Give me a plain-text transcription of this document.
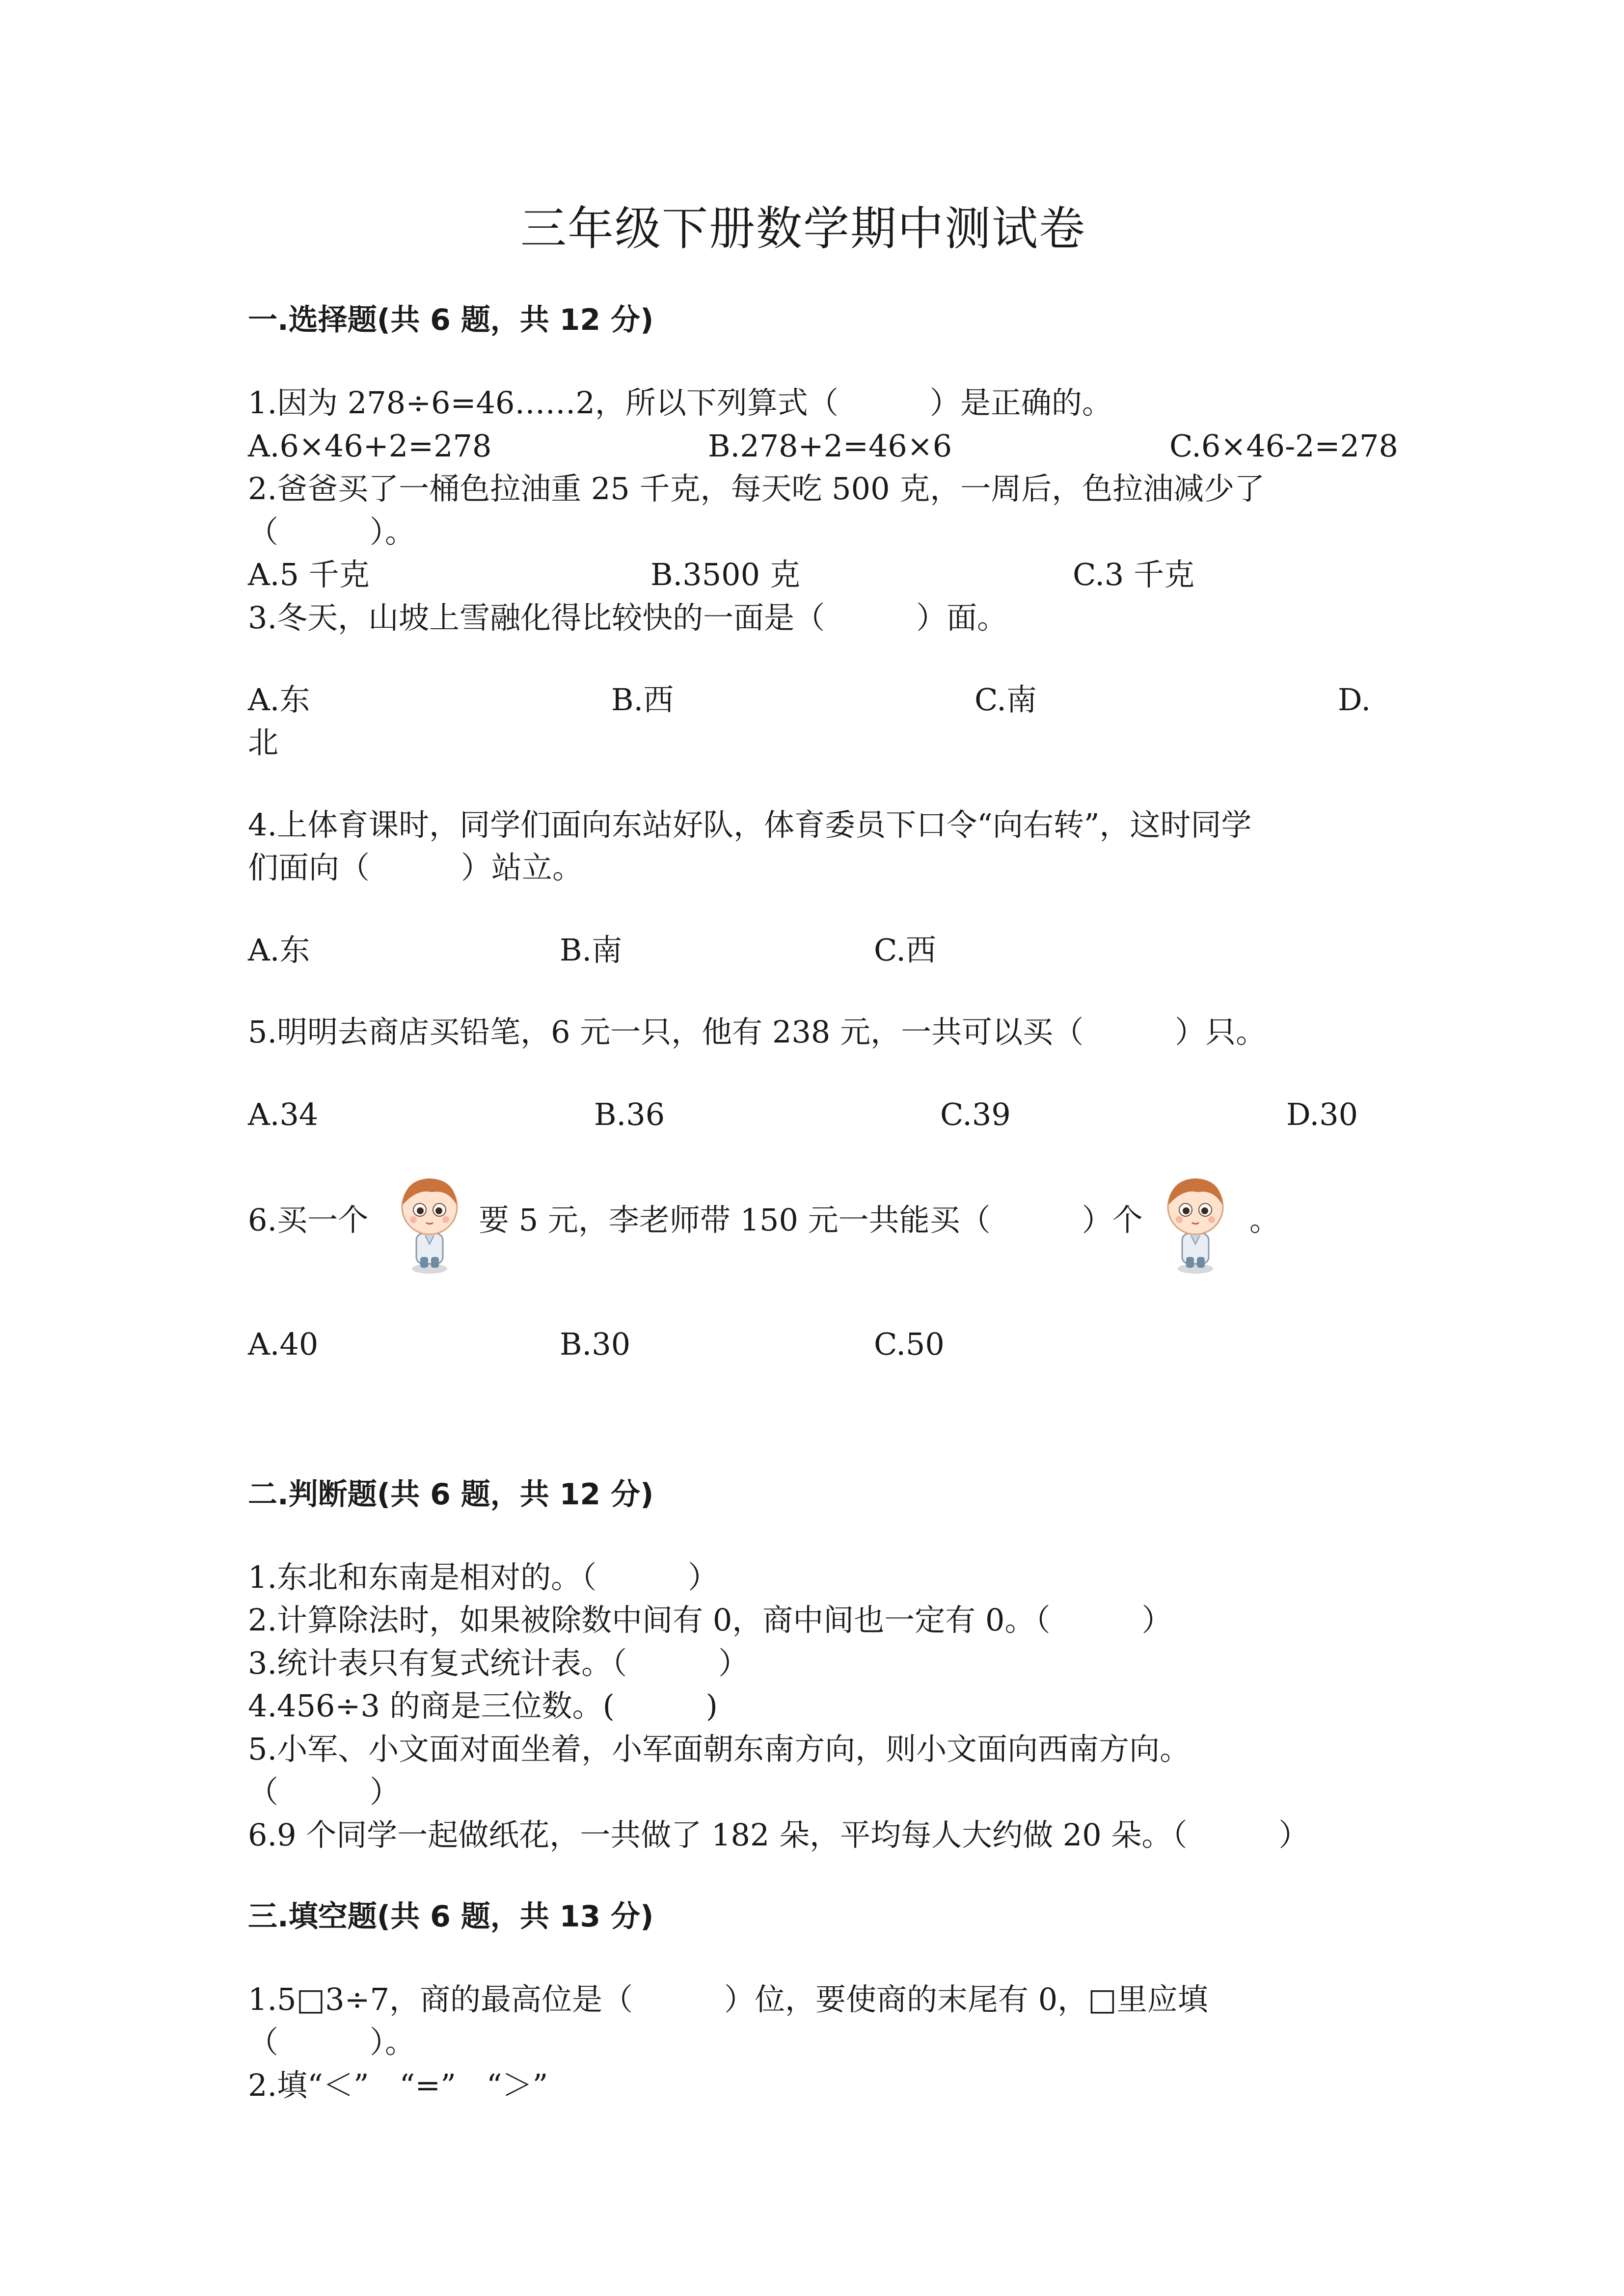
三年级下册数学期中测试卷
一.选择题(共 6 题，共 12 分)
1.因为 278÷6=46……2，所以下列算式（　　　）是正确的。
A.6×46+2=278	B.278+2=46×6	C.6×46-2=278
2.爸爸买了一桶色拉油重 25 千克，每天吃 500 克，一周后，色拉油减少了
（　　　）。
A.5 千克	B.3500 克	C.3 千克
3.冬天，山坡上雪融化得比较快的一面是（　　　）面。
A.东	B.西	C.南	D.
北
4.上体育课时，同学们面向东站好队，体育委员下口令“向右转”，这时同学
们面向（　　　）站立。
A.东	B.南	C.西
5.明明去商店买铅笔，6 元一只，他有 238 元，一共可以买（　　　）只。
A.34	B.36	C.39	D.30
6.买一个	要 5 元，李老师带 150 元一共能买（　　　）个	。
A.40	B.30	C.50
二.判断题(共 6 题，共 12 分)
1.东北和东南是相对的。（　　　）
2.计算除法时，如果被除数中间有 0，商中间也一定有 0。（　　　）
3.统计表只有复式统计表。（　　　）
4.456÷3 的商是三位数。(　　　)
5.小军、小文面对面坐着，小军面朝东南方向，则小文面向西南方向。
（　　　）
6.9 个同学一起做纸花，一共做了 182 朵，平均每人大约做 20 朵。（　　　）
三.填空题(共 6 题，共 13 分)
1.5□3÷7，商的最高位是（　　　）位，要使商的末尾有 0，□里应填
（　　　）。
2.填“＜”　“=”　“＞”
